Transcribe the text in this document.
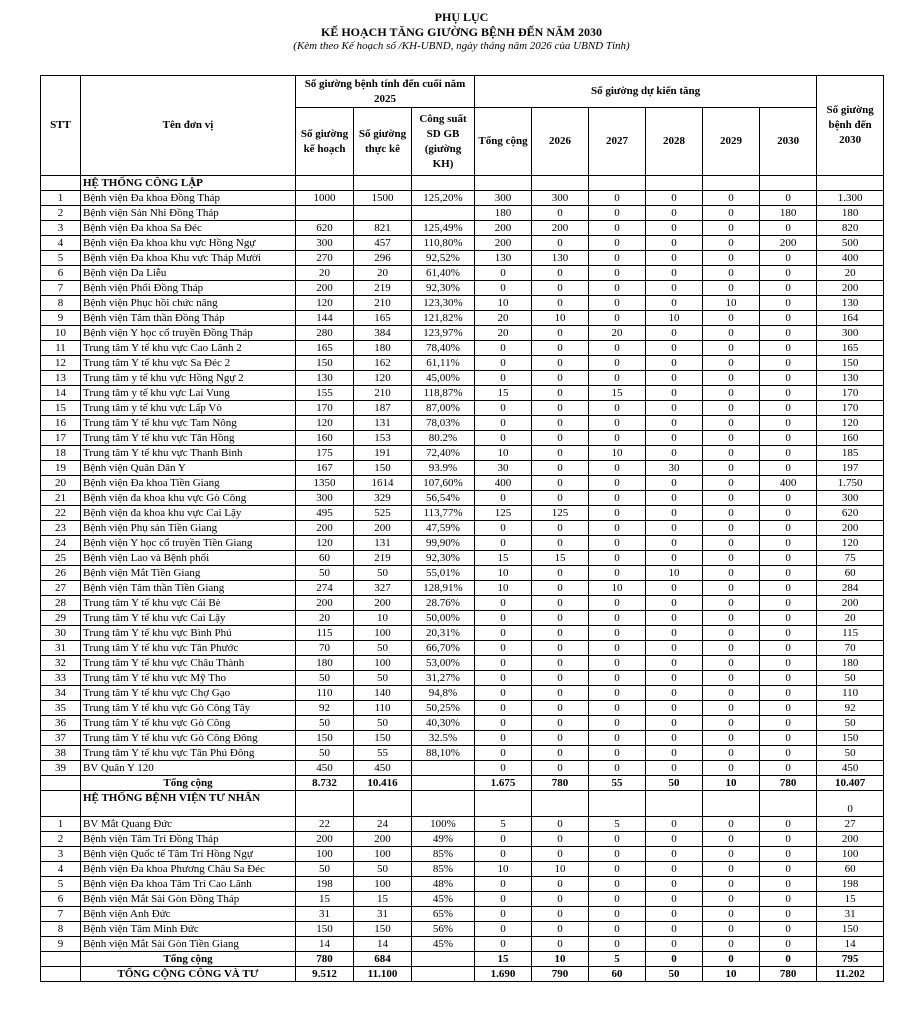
PHỤ LỤC
KẾ HOẠCH TĂNG GIƯỜNG BỆNH ĐẾN NĂM 2030
(Kèm theo Kế hoạch số /KH-UBND, ngày tháng năm 2026 của UBND Tỉnh)
STT	Tên đơn vị	Số giường bệnh tính đến cuối năm 2025			Số giường dự kiến tăng						Số giường bệnh đến 2030
		Số giường kế hoạch	Số giường thực kê	Công suất SD GB (giường KH)	Tổng cộng	2026	2027	2028	2029	2030	
	HỆ THỐNG CÔNG LẬP										
1	Bệnh viện Đa khoa Đồng Tháp	1000	1500	125,20%	300	300	0	0	0	0	1.300
2	Bệnh viện Sản Nhi Đồng Tháp				180	0	0	0	0	180	180
3	Bệnh viện Đa khoa Sa Đéc	620	821	125,49%	200	200	0	0	0	0	820
4	Bệnh viện Đa khoa khu vực Hồng Ngự	300	457	110,80%	200	0	0	0	0	200	500
5	Bệnh viện Đa khoa Khu vực Tháp Mười	270	296	92,52%	130	130	0	0	0	0	400
6	Bệnh viện Da Liễu	20	20	61,40%	0	0	0	0	0	0	20
7	Bệnh viện Phổi Đồng Tháp	200	219	92,30%	0	0	0	0	0	0	200
8	Bệnh viện Phục hồi chức năng	120	210	123,30%	10	0	0	0	10	0	130
9	Bệnh viện Tâm thần Đồng Tháp	144	165	121,82%	20	10	0	10	0	0	164
10	Bệnh viện Y học cổ truyền Đồng Tháp	280	384	123,97%	20	0	20	0	0	0	300
11	Trung tâm Y tế khu vực Cao Lãnh 2	165	180	78,40%	0	0	0	0	0	0	165
12	Trung tâm Y tế khu vực Sa Đéc 2	150	162	61,11%	0	0	0	0	0	0	150
13	Trung tâm y tế khu vực Hồng Ngự 2	130	120	45,00%	0	0	0	0	0	0	130
14	Trung tâm y tế khu vực Lai Vung	155	210	118,87%	15	0	15	0	0	0	170
15	Trung tâm y tế khu vực Lấp Vò	170	187	87,00%	0	0	0	0	0	0	170
16	Trung tâm Y tế khu vực Tam Nông	120	131	78,03%	0	0	0	0	0	0	120
17	Trung tâm Y tế khu vực Tân Hồng	160	153	80.2%	0	0	0	0	0	0	160
18	Trung tâm Y tế khu vực Thanh Bình	175	191	72,40%	10	0	10	0	0	0	185
19	Bệnh viện Quân Dân Y	167	150	93.9%	30	0	0	30	0	0	197
20	Bệnh viện Đa khoa Tiền Giang	1350	1614	107,60%	400	0	0	0	0	400	1.750
21	Bệnh viện đa khoa khu vực Gò Công	300	329	56,54%	0	0	0	0	0	0	300
22	Bệnh viện đa khoa khu vực Cai Lậy	495	525	113,77%	125	125	0	0	0	0	620
23	Bệnh viện Phụ sản Tiền Giang	200	200	47,59%	0	0	0	0	0	0	200
24	Bệnh viện Y học cổ truyền Tiền Giang	120	131	99,90%	0	0	0	0	0	0	120
25	Bệnh viện Lao và Bệnh phổi	60	219	92,30%	15	15	0	0	0	0	75
26	Bệnh viện Mắt Tiền Giang	50	50	55,01%	10	0	0	10	0	0	60
27	Bệnh viện Tâm thần Tiền Giang	274	327	128,91%	10	0	10	0	0	0	284
28	Trung tâm Y tế khu vực Cái Bè	200	200	28.76%	0	0	0	0	0	0	200
29	Trung tâm Y tế khu vực Cai Lậy	20	10	50,00%	0	0	0	0	0	0	20
30	Trung tâm Y tế khu vực Bình Phú	115	100	20,31%	0	0	0	0	0	0	115
31	Trung tâm Y tế khu vực Tân Phước	70	50	66,70%	0	0	0	0	0	0	70
32	Trung tâm Y tế khu vực Châu Thành	180	100	53,00%	0	0	0	0	0	0	180
33	Trung tâm Y tế khu vực Mỹ Tho	50	50	31,27%	0	0	0	0	0	0	50
34	Trung tâm Y tế khu vực Chợ Gạo	110	140	94,8%	0	0	0	0	0	0	110
35	Trung tâm Y tế khu vực Gò Công Tây	92	110	50,25%	0	0	0	0	0	0	92
36	Trung tâm Y tế khu vực Gò Công	50	50	40,30%	0	0	0	0	0	0	50
37	Trung tâm Y tế khu vực Gò Công Đông	150	150	32.5%	0	0	0	0	0	0	150
38	Trung tâm Y tế khu vực Tân Phú Đông	50	55	88,10%	0	0	0	0	0	0	50
39	BV Quân Y 120	450	450		0	0	0	0	0	0	450
	Tổng cộng	8.732	10.416		1.675	780	55	50	10	780	10.407
	HỆ THỐNG BỆNH VIỆN TƯ NHÂN										0
1	BV Mắt Quang Đức	22	24	100%	5	0	5	0	0	0	27
2	Bệnh viện Tâm Trí Đồng Tháp	200	200	49%	0	0	0	0	0	0	200
3	Bệnh viện Quốc tế Tâm Trí Hồng Ngự	100	100	85%	0	0	0	0	0	0	100
4	Bệnh viện Đa khoa Phương Châu Sa Đéc	50	50	85%	10	10	0	0	0	0	60
5	Bệnh viện Đa khoa Tâm Trí Cao Lãnh	198	100	48%	0	0	0	0	0	0	198
6	Bệnh viện Mắt Sài Gòn Đồng Tháp	15	15	45%	0	0	0	0	0	0	15
7	Bệnh viện Anh Đức	31	31	65%	0	0	0	0	0	0	31
8	Bệnh viện Tâm Minh Đức	150	150	56%	0	0	0	0	0	0	150
9	Bệnh viện Mắt Sài Gòn Tiền Giang	14	14	45%	0	0	0	0	0	0	14
	Tổng cộng	780	684		15	10	5	0	0	0	795
	TỔNG CỘNG CÔNG VÀ TƯ	9.512	11.100		1.690	790	60	50	10	780	11.202
